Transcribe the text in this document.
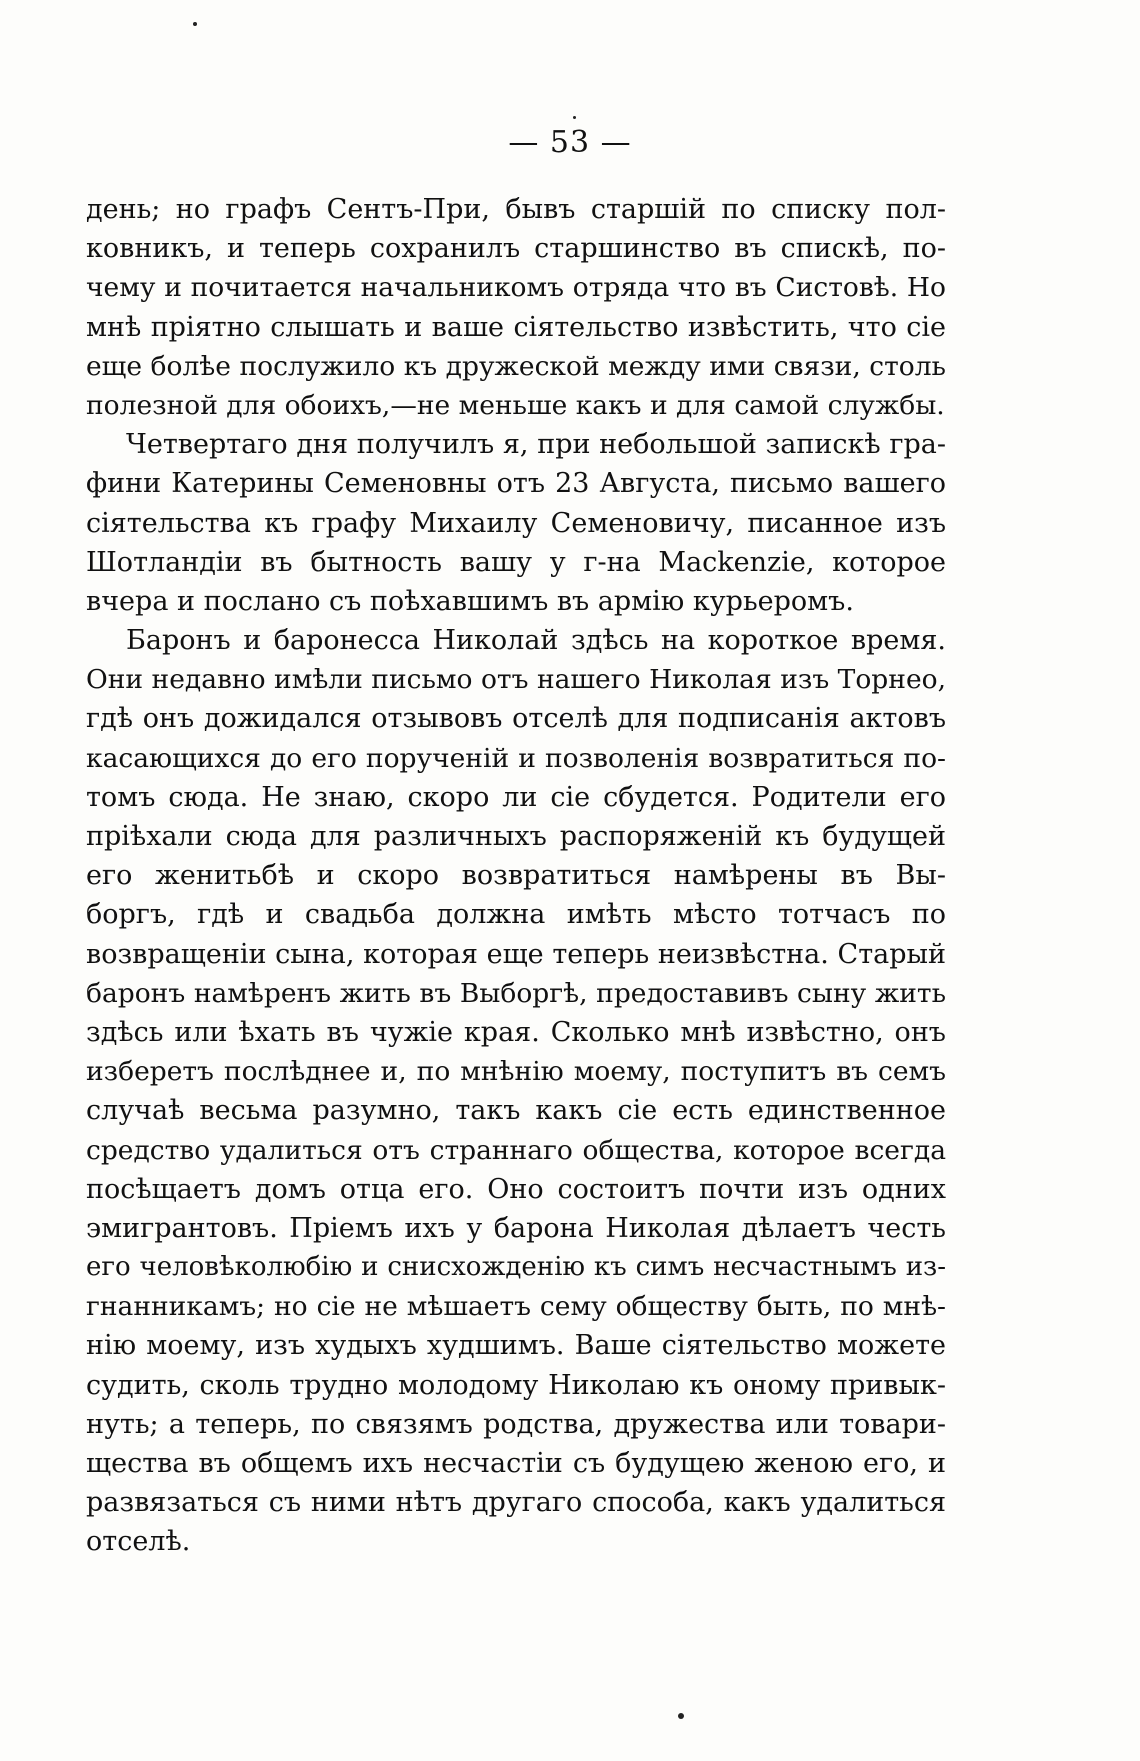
— 53 —
день; но графъ Сентъ-При, бывъ старшій по списку пол-
ковникъ, и теперь сохранилъ старшинство въ спискѣ, по-
чему и почитается начальникомъ отряда что въ Систовѣ. Но
мнѣ пріятно слышать и ваше сіятельство извѣстить, что сіе
еще болѣе послужило къ дружеской между ими связи, столь
полезной для обоихъ,—не меньше какъ и для самой службы.
Четвертаго дня получилъ я, при небольшой запискѣ гра-
фини Катерины Семеновны отъ 23 Августа, письмо вашего
сіятельства къ графу Михаилу Семеновичу, писанное изъ
Шотландіи въ бытность вашу у г-на Mackenzie, которое
вчера и послано съ поѣхавшимъ въ армію курьеромъ.
Баронъ и баронесса Николай здѣсь на короткое время.
Они недавно имѣли письмо отъ нашего Николая изъ Торнео,
гдѣ онъ дожидался отзывовъ отселѣ для подписанія актовъ
касающихся до его порученій и позволенія возвратиться по-
томъ сюда. Не знаю, скоро ли сіе сбудется. Родители его
пріѣхали сюда для различныхъ распоряженій къ будущей
его женитьбѣ и скоро возвратиться намѣрены въ Вы-
боргъ, гдѣ и свадьба должна имѣть мѣсто тотчасъ по
возвращеніи сына, которая еще теперь неизвѣстна. Старый
баронъ намѣренъ жить въ Выборгѣ, предоставивъ сыну жить
здѣсь или ѣхать въ чужіе края. Сколько мнѣ извѣстно, онъ
изберетъ послѣднее и, по мнѣнію моему, поступитъ въ семъ
случаѣ весьма разумно, такъ какъ сіе есть единственное
средство удалиться отъ страннаго общества, которое всегда
посѣщаетъ домъ отца его. Оно состоитъ почти изъ одних
эмигрантовъ. Пріемъ ихъ у барона Николая дѣлаетъ честь
его человѣколюбію и снисхожденію къ симъ несчастнымъ из-
гнанникамъ; но сіе не мѣшаетъ сему обществу быть, по мнѣ-
нію моему, изъ худыхъ худшимъ. Ваше сіятельство можете
судить, сколь трудно молодому Николаю къ оному привык-
нуть; а теперь, по связямъ родства, дружества или товари-
щества въ общемъ ихъ несчастіи съ будущею женою его, и
развязаться съ ними нѣтъ другаго способа, какъ удалиться
отселѣ.
